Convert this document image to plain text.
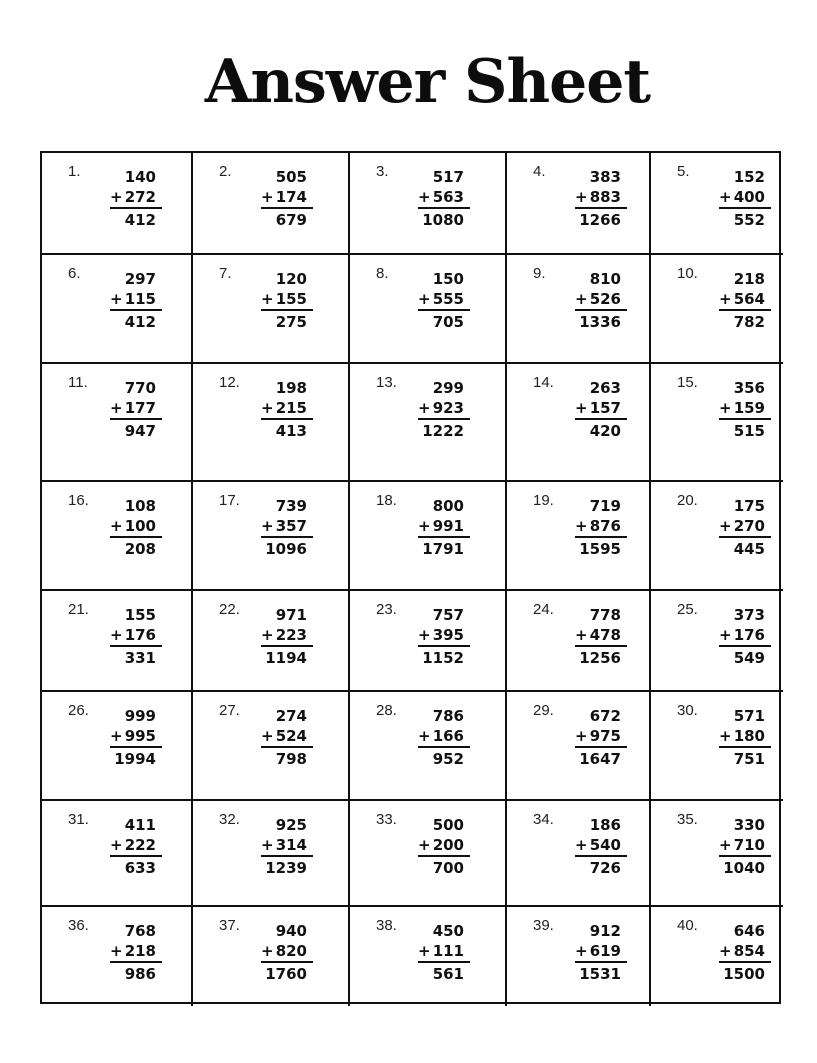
Answer Sheet
1.	140
+ 272
412
2.	505
+ 174
679
3.	517
+ 563
1080
4.	383
+ 883
1266
5.	152
+ 400
552
6.	297
+ 115
412
7.	120
+ 155
275
8.	150
+ 555
705
9.	810
+ 526
1336
10.	218
+ 564
782
11.	770
+ 177
947
12.	198
+ 215
413
13.	299
+ 923
1222
14.	263
+ 157
420
15.	356
+ 159
515
16.	108
+ 100
208
17.	739
+ 357
1096
18.	800
+ 991
1791
19.	719
+ 876
1595
20.	175
+ 270
445
21.	155
+ 176
331
22.	971
+ 223
1194
23.	757
+ 395
1152
24.	778
+ 478
1256
25.	373
+ 176
549
26.	999
+ 995
1994
27.	274
+ 524
798
28.	786
+ 166
952
29.	672
+ 975
1647
30.	571
+ 180
751
31.	411
+ 222
633
32.	925
+ 314
1239
33.	500
+ 200
700
34.	186
+ 540
726
35.	330
+ 710
1040
36.	768
+ 218
986
37.	940
+ 820
1760
38.	450
+ 111
561
39.	912
+ 619
1531
40.	646
+ 854
1500
